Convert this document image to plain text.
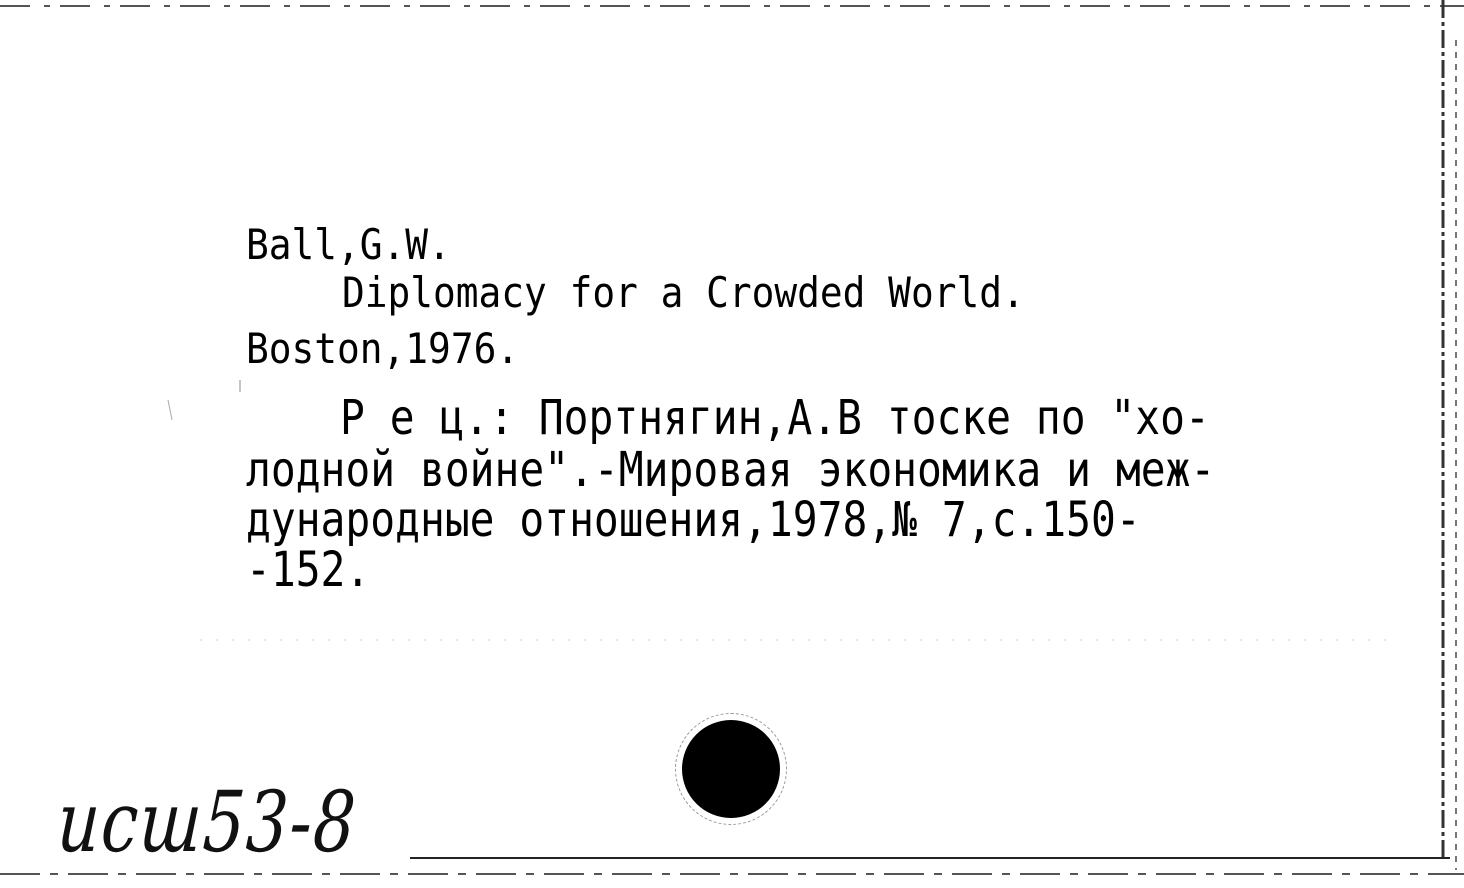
Ball,G.W.
Diplomacy for a Crowded World.
Boston,1976.
Р е ц.: Портнягин,А.В тоске по "хо-
лодной войне".-Мировая экономика и меж-
дународные отношения,1978,№ 7,с.150-
-152.
ucш53-8
